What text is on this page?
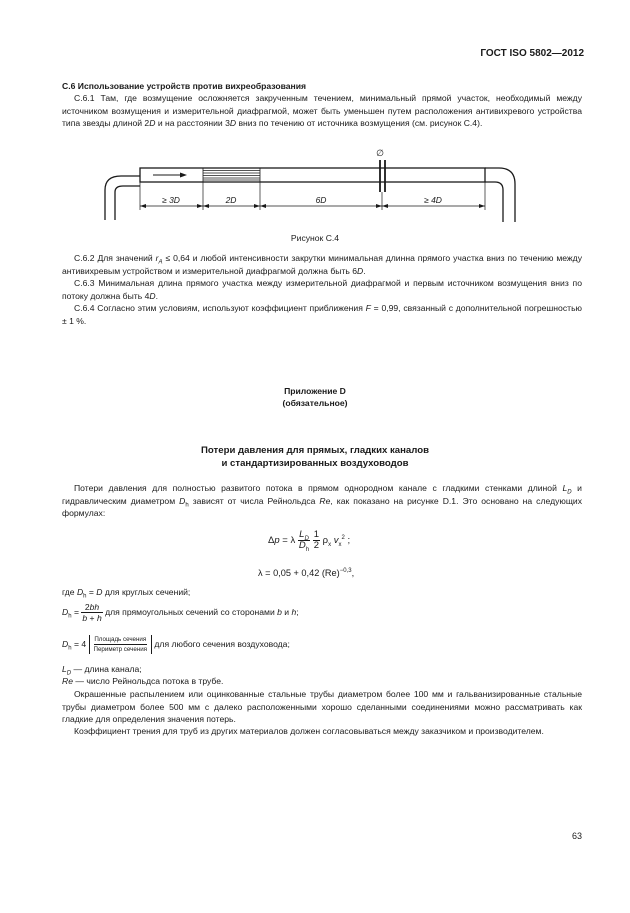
ГОСТ ISO 5802—2012
C.6 Использование устройств против вихреобразования
C.6.1 Там, где возмущение осложняется закрученным течением, минимальный прямой участок, необходимый между источником возмущения и измерительной диафрагмой, может быть уменьшен путем расположения антивихревого устройства типа звезды длиной 2D и на расстоянии 3D вниз по течению от источника возмущения (см. рисунок C.4).
∅
≥ 3D	2D	6D	≥ 4D
Рисунок C.4
C.6.2 Для значений $r_A \le 0,64$ и любой интенсивности закрутки минимальная длинна прямого участка вниз по течению между антивихревым устройством и измерительной диафрагмой должна быть 6D.
C.6.3 Минимальная длина прямого участка между измерительной диафрагмой и первым источником возмущения вниз по потоку должна быть 4D.
C.6.4 Согласно этим условиям, используют коэффициент приближения F = 0,99, связанный с дополнительной погрешностью ± 1 %.
Приложение D
(обязательное)
Потери давления для прямых, гладких каналов
и стандартизированных воздуховодов
Потери давления для полностью развитого потока в прямом однородном канале с гладкими стенками длиной $L_D$ и гидравлическим диаметром $D_h$ зависят от числа Рейнольдса Re, как показано на рисунке D.1. Это основано на следующих формулах:
Δp = λ $\frac{L_D}{D_h}$
$\frac{1}{2} \rho_x$ $v_x^2$ ;
λ = 0,05 + 0,42 $(Re)^{-0,3}$,
где $D_h = D$ для круглых сечений;
$D_h = \frac{2bh}{b + h}$ для прямоугольных сечений со сторонами b и h;
$D_h = 4$ Площадь сечения
Периметр сечения для любого сечения воздуховода;
$L_D$ — длина канала;
Re — число Рейнольдса потока в трубе.
Окрашенные распылением или оцинкованные стальные трубы диаметром более 100 мм и гальванизированные стальные трубы диаметром более 500 мм с далеко расположенными хорошо сделанными соединениями можно рассматривать как гладкие для определения значения потерь.
Коэффициент трения для труб из других материалов должен согласовываться между заказчиком и производителем.
63
